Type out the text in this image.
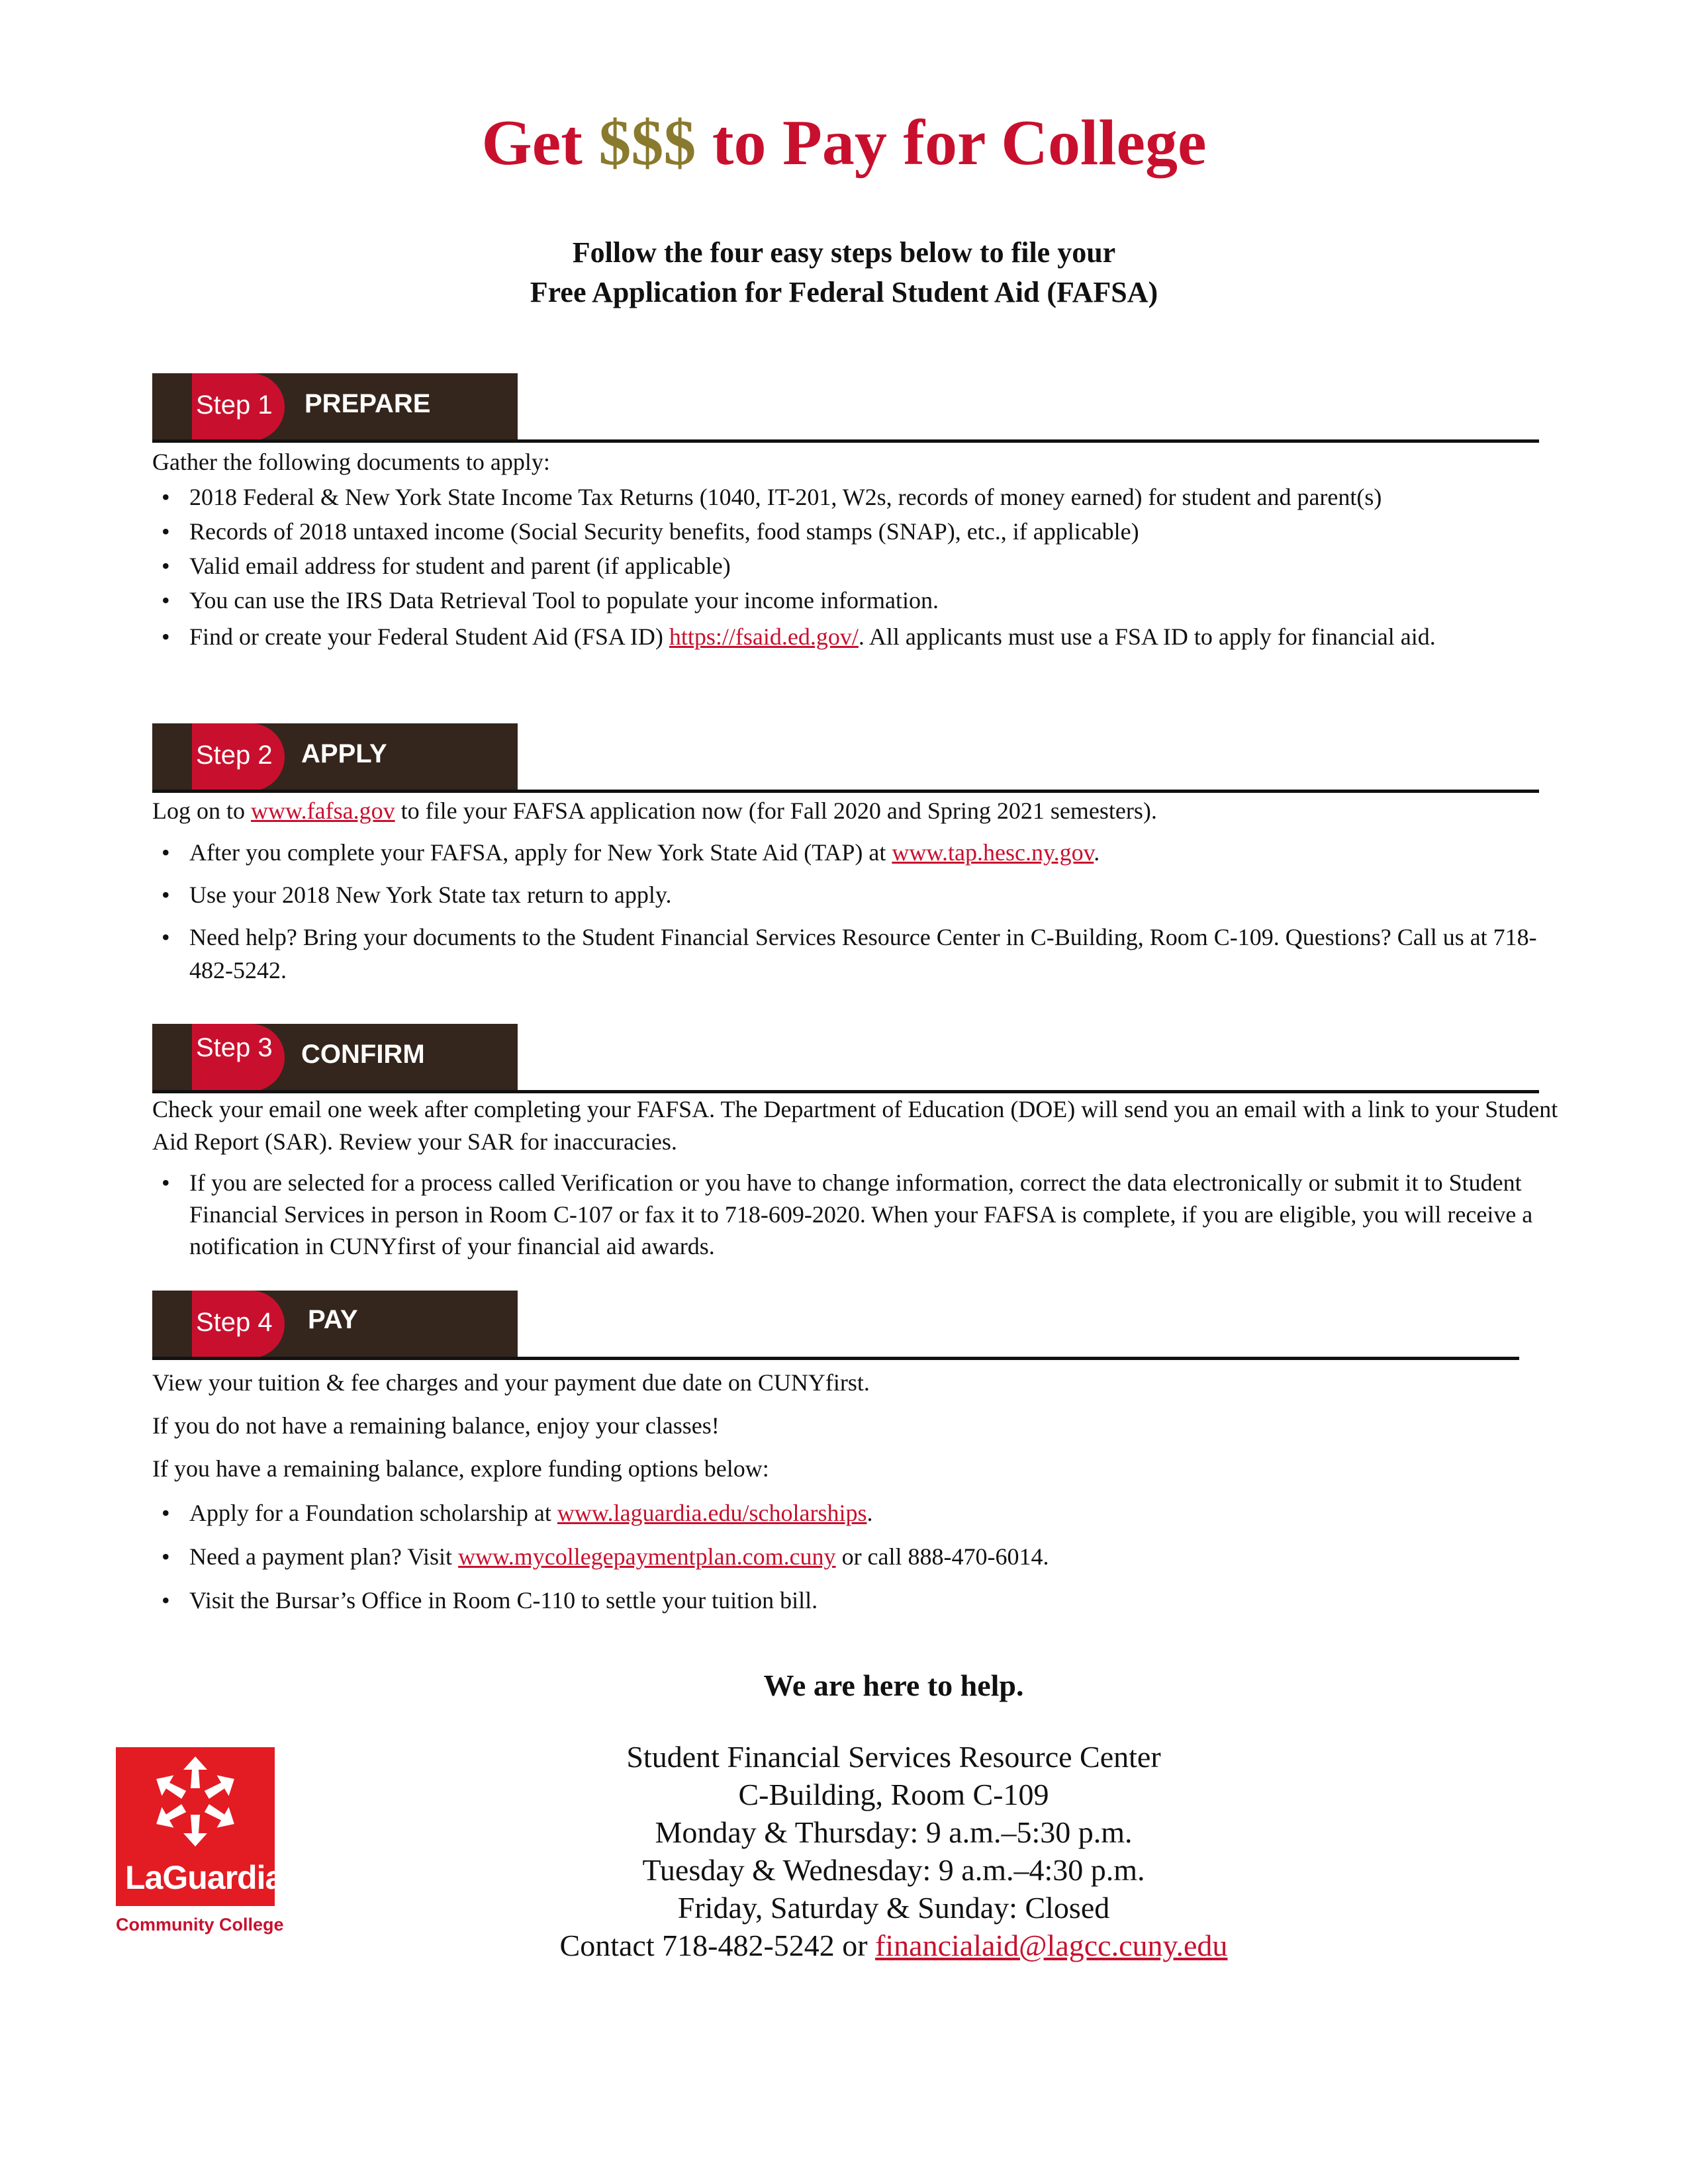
Get $$$ to Pay for College
Follow the four easy steps below to file your
Free Application for Federal Student Aid (FAFSA)
Step 1 PREPARE
Gather the following documents to apply:
• 2018 Federal & New York State Income Tax Returns (1040, IT-201, W2s, records of money earned) for student and parent(s)
• Records of 2018 untaxed income (Social Security benefits, food stamps (SNAP), etc., if applicable)
• Valid email address for student and parent (if applicable)
• You can use the IRS Data Retrieval Tool to populate your income information.
• Find or create your Federal Student Aid (FSA ID) https://fsaid.ed.gov/. All applicants must use a FSA ID to apply for financial aid.
Step 2 APPLY
Log on to www.fafsa.gov to file your FAFSA application now (for Fall 2020 and Spring 2021 semesters).
• After you complete your FAFSA, apply for New York State Aid (TAP) at www.tap.hesc.ny.gov.
• Use your 2018 New York State tax return to apply.
• Need help? Bring your documents to the Student Financial Services Resource Center in C-Building, Room C-109. Questions? Call us at 718-482-5242.
Step 3 CONFIRM
Check your email one week after completing your FAFSA. The Department of Education (DOE) will send you an email with a link to your Student Aid Report (SAR). Review your SAR for inaccuracies.
• If you are selected for a process called Verification or you have to change information, correct the data electronically or submit it to Student Financial Services in person in Room C-107 or fax it to 718-609-2020. When your FAFSA is complete, if you are eligible, you will receive a notification in CUNYfirst of your financial aid awards.
Step 4 PAY
View your tuition & fee charges and your payment due date on CUNYfirst.
If you do not have a remaining balance, enjoy your classes!
If you have a remaining balance, explore funding options below:
• Apply for a Foundation scholarship at www.laguardia.edu/scholarships.
• Need a payment plan? Visit www.mycollegepaymentplan.com.cuny or call 888-470-6014.
• Visit the Bursar’s Office in Room C-110 to settle your tuition bill.
We are here to help.
Student Financial Services Resource Center
C-Building, Room C-109
Monday & Thursday: 9 a.m.–5:30 p.m.
Tuesday & Wednesday: 9 a.m.–4:30 p.m.
Friday, Saturday & Sunday: Closed
Contact 718-482-5242 or financialaid@lagcc.cuny.edu
LaGuardia
Community College
